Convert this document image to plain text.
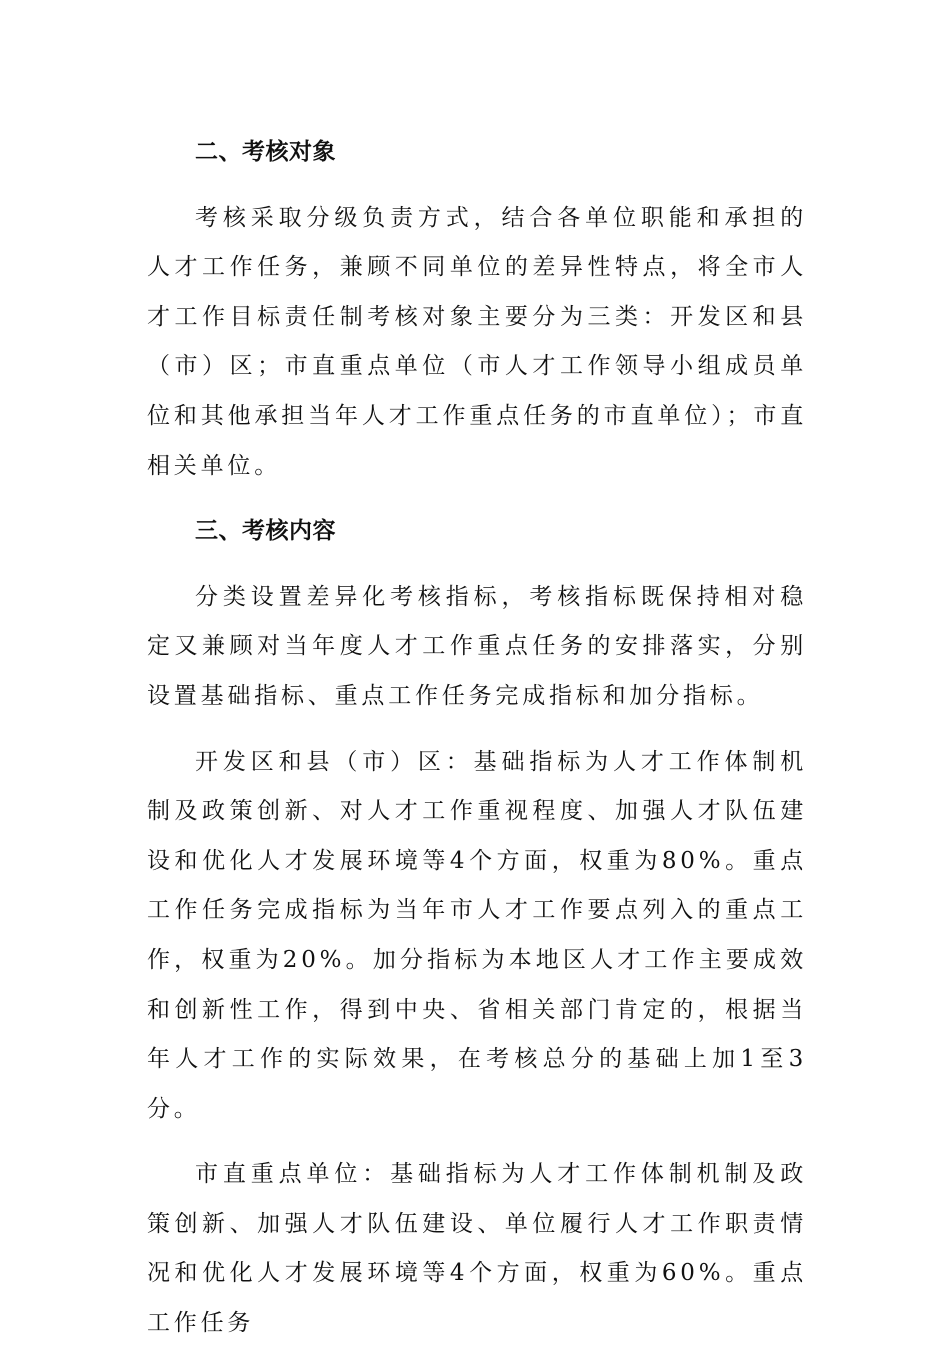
二、考核对象

考核采取分级负责方式，结合各单位职能和承担的人才工作任务，兼顾不同单位的差异性特点，将全市人才工作目标责任制考核对象主要分为三类：开发区和县（市）区；市直重点单位（市人才工作领导小组成员单位和其他承担当年人才工作重点任务的市直单位）；市直相关单位。

三、考核内容

分类设置差异化考核指标，考核指标既保持相对稳定又兼顾对当年度人才工作重点任务的安排落实，分别设置基础指标、重点工作任务完成指标和加分指标。

开发区和县（市）区：基础指标为人才工作体制机制及政策创新、对人才工作重视程度、加强人才队伍建设和优化人才发展环境等4个方面，权重为80%。重点工作任务完成指标为当年市人才工作要点列入的重点工作，权重为20%。加分指标为本地区人才工作主要成效和创新性工作，得到中央、省相关部门肯定的，根据当年人才工作的实际效果，在考核总分的基础上加1至3分。

市直重点单位：基础指标为人才工作体制机制及政策创新、加强人才队伍建设、单位履行人才工作职责情况和优化人才发展环境等4个方面，权重为60%。重点工作任务
